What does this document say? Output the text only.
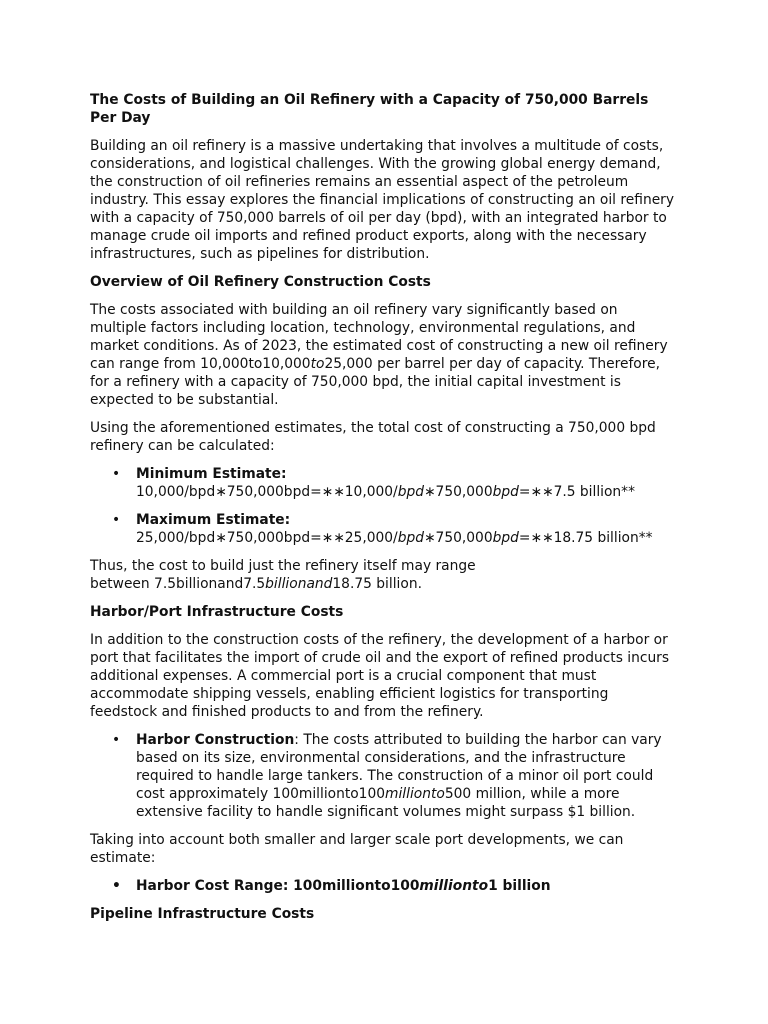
The Costs of Building an Oil Refinery with a Capacity of 750,000 Barrels Per Day

Building an oil refinery is a massive undertaking that involves a multitude of costs, considerations, and logistical challenges. With the growing global energy demand, the construction of oil refineries remains an essential aspect of the petroleum industry. This essay explores the financial implications of constructing an oil refinery with a capacity of 750,000 barrels of oil per day (bpd), with an integrated harbor to manage crude oil imports and refined product exports, along with the necessary infrastructures, such as pipelines for distribution.

Overview of Oil Refinery Construction Costs

The costs associated with building an oil refinery vary significantly based on multiple factors including location, technology, environmental regulations, and market conditions. As of 2023, the estimated cost of constructing a new oil refinery can range from 10,000to10,000to25,000 per barrel per day of capacity. Therefore, for a refinery with a capacity of 750,000 bpd, the initial capital investment is expected to be substantial.

Using the aforementioned estimates, the total cost of constructing a 750,000 bpd refinery can be calculated:

• Minimum Estimate:
10,000/bpd∗750,000bpd=∗∗10,000/bpd∗750,000bpd=∗∗7.5 billion**
• Maximum Estimate:
25,000/bpd∗750,000bpd=∗∗25,000/bpd∗750,000bpd=∗∗18.75 billion**

Thus, the cost to build just the refinery itself may range between 7.5billionand7.5billionand18.75 billion.

Harbor/Port Infrastructure Costs

In addition to the construction costs of the refinery, the development of a harbor or port that facilitates the import of crude oil and the export of refined products incurs additional expenses. A commercial port is a crucial component that must accommodate shipping vessels, enabling efficient logistics for transporting feedstock and finished products to and from the refinery.

• Harbor Construction: The costs attributed to building the harbor can vary based on its size, environmental considerations, and the infrastructure required to handle large tankers. The construction of a minor oil port could cost approximately 100millionto100millionto500 million, while a more extensive facility to handle significant volumes might surpass $1 billion.

Taking into account both smaller and larger scale port developments, we can estimate:

• Harbor Cost Range: 100millionto100millionto1 billion
Pipeline Infrastructure Costs
